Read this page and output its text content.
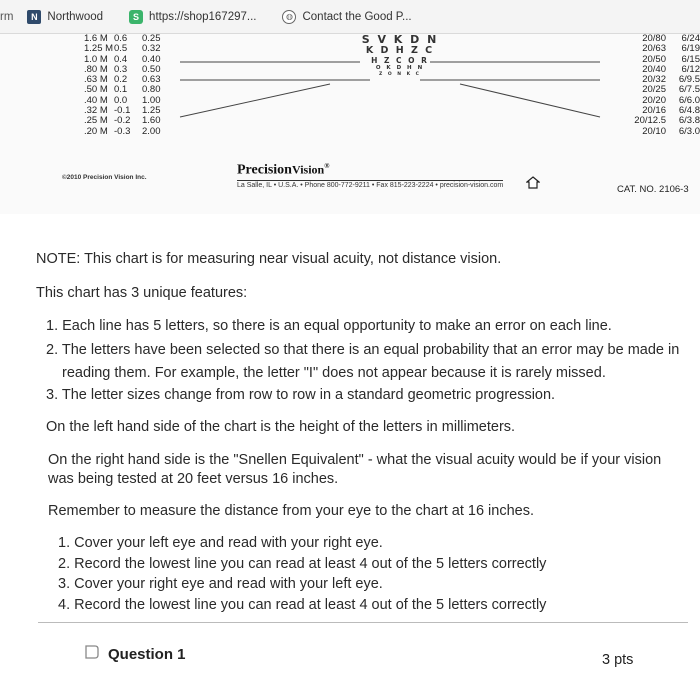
rm	N Northwood	S https://shop167297...	◍ Contact the Good P...
1.6 M 0.6 0.25
1.25 M0.5 0.32
1.0 M 0.4 0.40
.80 M 0.3 0.50
.63 M 0.2 0.63
.50 M 0.1 0.80
.40 M 0.0 1.00
.32 M -0.1 1.25
.25 M -0.2 1.60
.20 M -0.3 2.00
S V K D N
K D H Z C
H Z C O R
O K D H N
Z O N K C
20/80 6/24
20/63 6/19
20/50 6/15
20/40 6/12
20/32 6/9.5
20/25 6/7.5
20/20 6/6.0
20/16 6/4.8
20/12.5 6/3.8
20/10 6/3.0
©2010 Precision Vision Inc.	PrecisionVision®
La Salle, IL • U.S.A. • Phone 800-772-9211 • Fax 815-223-2224 • precision-vision.com	CAT. NO. 2106-3
NOTE: This chart is for measuring near visual acuity, not distance vision.
This chart has 3 unique features:
1. Each line has 5 letters, so there is an equal opportunity to make an error on each line.
2. The letters have been selected so that there is an equal probability that an error may be made in
reading them. For example, the letter "I" does not appear because it is rarely missed.
3. The letter sizes change from row to row in a standard geometric progression.
On the left hand side of the chart is the height of the letters in millimeters.
On the right hand side is the "Snellen Equivalent" - what the visual acuity would be if your vision
was being tested at 20 feet versus 16 inches.
Remember to measure the distance from your eye to the chart at 16 inches.
1. Cover your left eye and read with your right eye.
2. Record the lowest line you can read at least 4 out of the 5 letters correctly
3. Cover your right eye and read with your left eye.
4. Record the lowest line you can read at least 4 out of the 5 letters correctly
Question 1	3 pts
